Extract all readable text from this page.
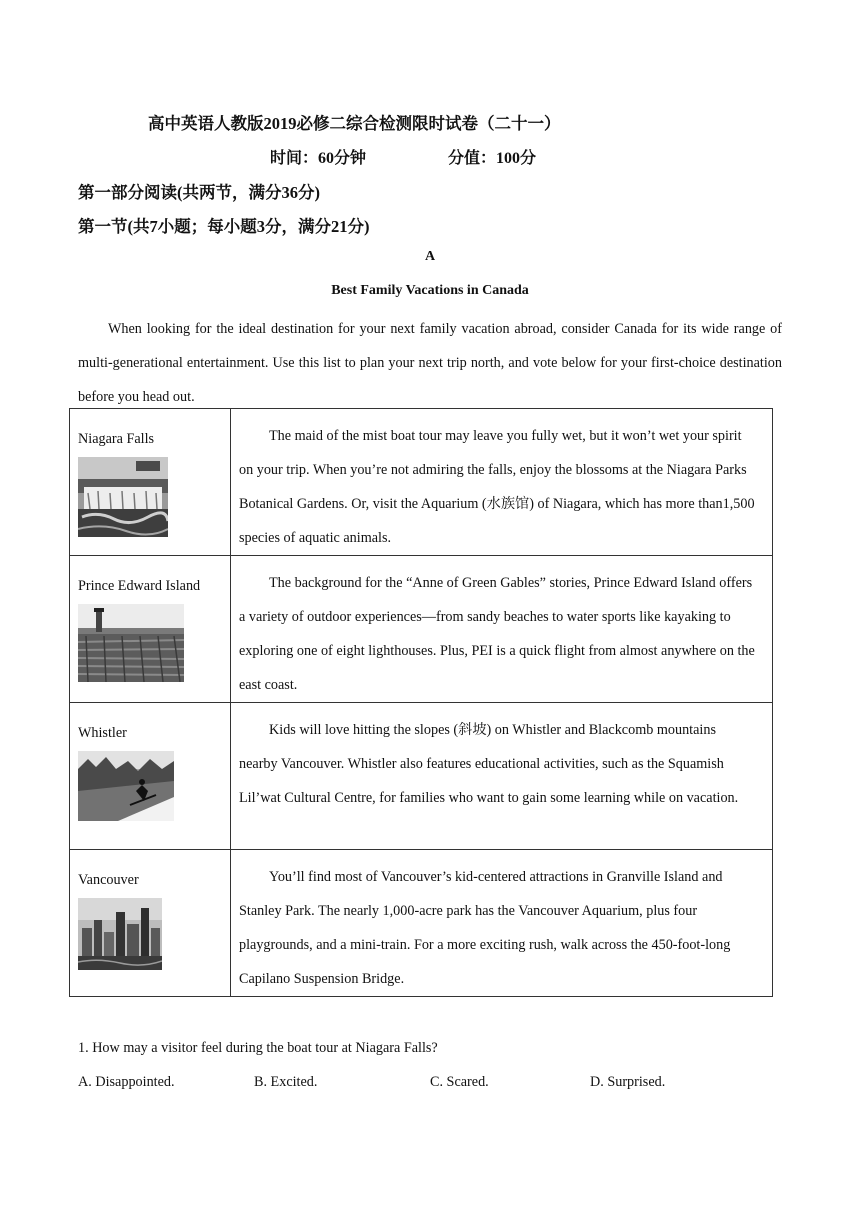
高中英语人教版2019必修二综合检测限时试卷（二十一）
时间：60分钟	分值：100分
第一部分阅读(共两节，满分36分)
第一节(共7小题；每小题3分，满分21分)
A
Best Family Vacations in Canada

When looking for the ideal destination for your next family vacation abroad, consider Canada for its wide range of multi-generational entertainment. Use this list to plan your next trip north, and vote below for your first-choice destination before you head out.

Niagara Falls	The maid of the mist boat tour may leave you fully wet, but it won’t wet your spirit on your trip. When you’re not admiring the falls, enjoy the blossoms at the Niagara Parks Botanical Gardens. Or, visit the Aquarium (水族馆) of Niagara, which has more than1,500 species of aquatic animals.

Prince Edward Island	The background for the “Anne of Green Gables” stories, Prince Edward Island offers a variety of outdoor experiences—from sandy beaches to water sports like kayaking to exploring one of eight lighthouses. Plus, PEI is a quick flight from almost anywhere on the east coast.

Whistler	Kids will love hitting the slopes (斜坡) on Whistler and Blackcomb mountains nearby Vancouver. Whistler also features educational activities, such as the Squamish Lil’wat Cultural Centre, for families who want to gain some learning while on vacation.

Vancouver	You’ll find most of Vancouver’s kid-centered attractions in Granville Island and Stanley Park. The nearly 1,000-acre park has the Vancouver Aquarium, plus four playgrounds, and a mini-train. For a more exciting rush, walk across the 450-foot-long Capilano Suspension Bridge.

1. How may a visitor feel during the boat tour at Niagara Falls?
A. Disappointed.	B. Excited.	C. Scared.	D. Surprised.
